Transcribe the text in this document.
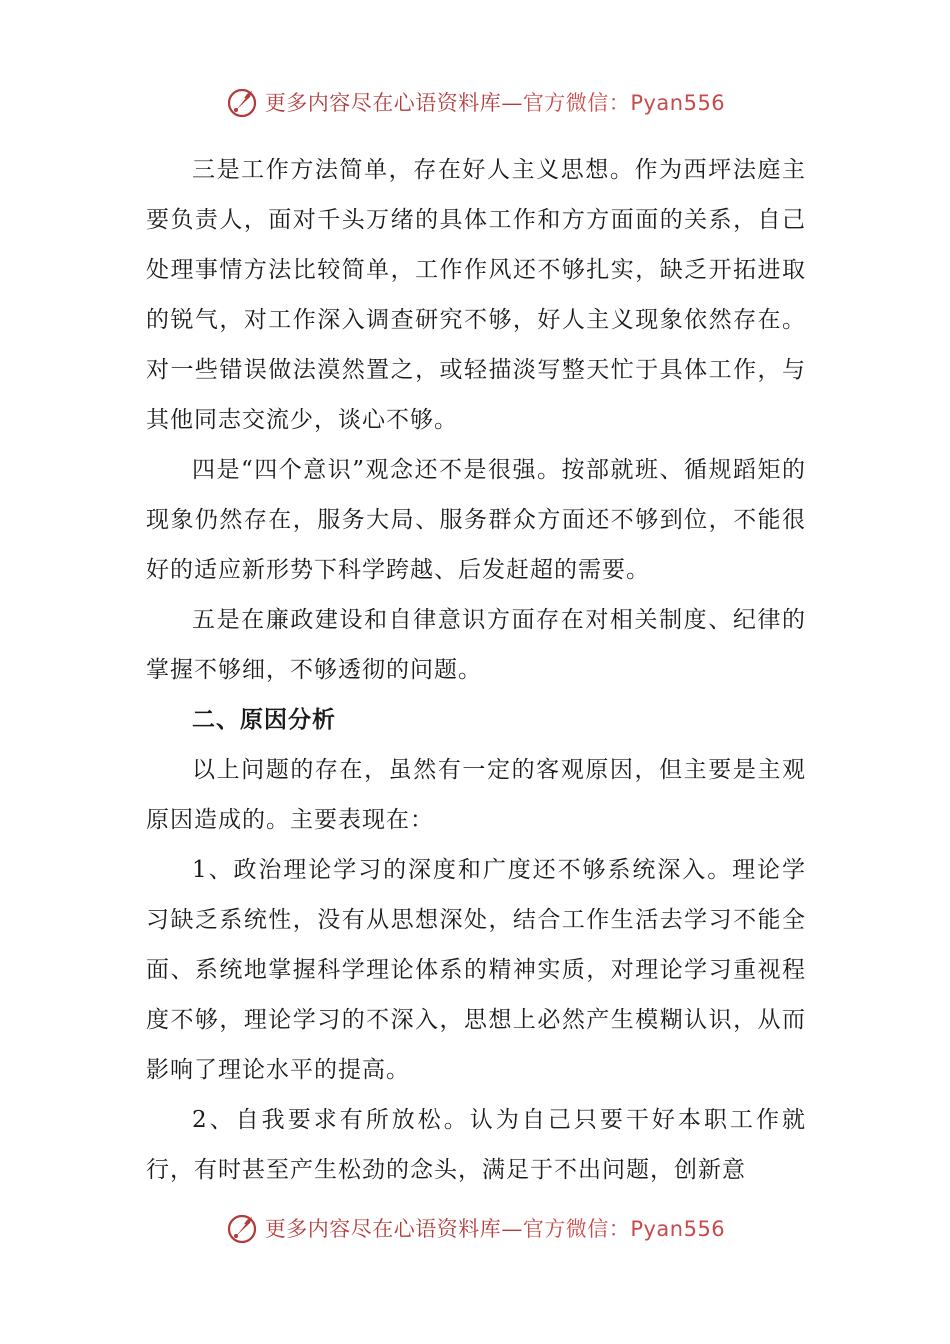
更多内容尽在心语资料库—官方微信：Pyan556

三是工作方法简单，存在好人主义思想。作为西坪法庭主要负责人，面对千头万绪的具体工作和方方面面的关系，自己处理事情方法比较简单，工作作风还不够扎实，缺乏开拓进取的锐气，对工作深入调查研究不够，好人主义现象依然存在。对一些错误做法漠然置之，或轻描淡写整天忙于具体工作，与其他同志交流少，谈心不够。

四是“四个意识”观念还不是很强。按部就班、循规蹈矩的现象仍然存在，服务大局、服务群众方面还不够到位，不能很好的适应新形势下科学跨越、后发赶超的需要。

五是在廉政建设和自律意识方面存在对相关制度、纪律的掌握不够细，不够透彻的问题。

二、原因分析

以上问题的存在，虽然有一定的客观原因，但主要是主观原因造成的。主要表现在：

1、政治理论学习的深度和广度还不够系统深入。理论学习缺乏系统性，没有从思想深处，结合工作生活去学习不能全面、系统地掌握科学理论体系的精神实质，对理论学习重视程度不够，理论学习的不深入，思想上必然产生模糊认识，从而影响了理论水平的提高。

2、自我要求有所放松。认为自己只要干好本职工作就行，有时甚至产生松劲的念头，满足于不出问题，创新意

更多内容尽在心语资料库—官方微信：Pyan556
